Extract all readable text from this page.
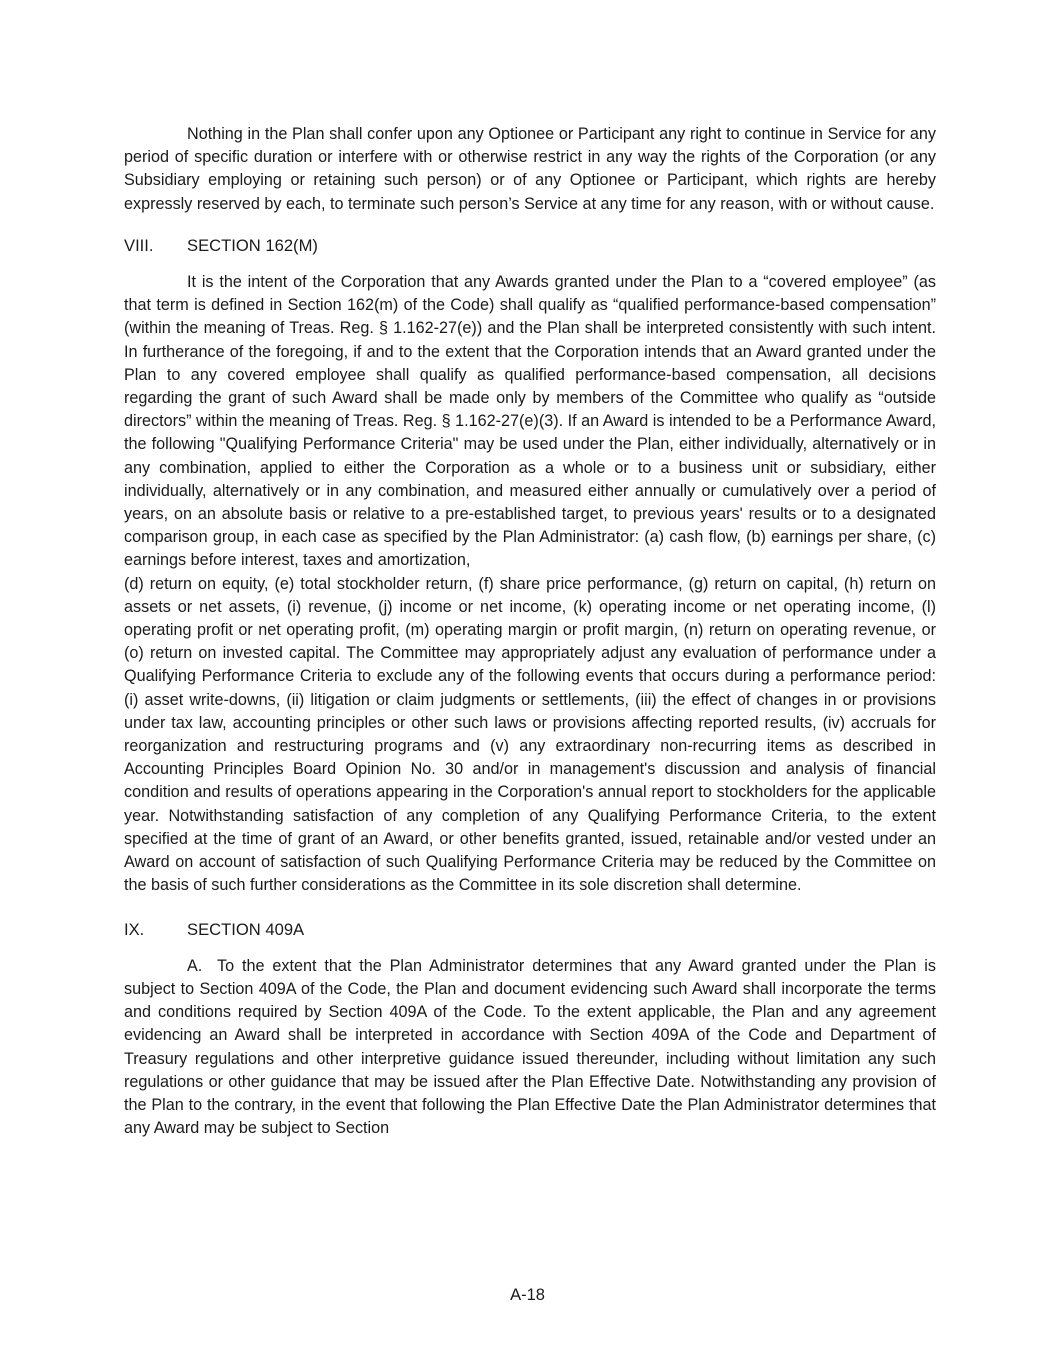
Nothing in the Plan shall confer upon any Optionee or Participant any right to continue in Service for any period of specific duration or interfere with or otherwise restrict in any way the rights of the Corporation (or any Subsidiary employing or retaining such person) or of any Optionee or Participant, which rights are hereby expressly reserved by each, to terminate such person’s Service at any time for any reason, with or without cause.

VIII.	SECTION 162(M)

It is the intent of the Corporation that any Awards granted under the Plan to a “covered employee” (as that term is defined in Section 162(m) of the Code) shall qualify as “qualified performance-based compensation” (within the meaning of Treas. Reg. § 1.162-27(e)) and the Plan shall be interpreted consistently with such intent. In furtherance of the foregoing, if and to the extent that the Corporation intends that an Award granted under the Plan to any covered employee shall qualify as qualified performance-based compensation, all decisions regarding the grant of such Award shall be made only by members of the Committee who qualify as “outside directors” within the meaning of Treas. Reg. § 1.162-27(e)(3). If an Award is intended to be a Performance Award, the following "Qualifying Performance Criteria" may be used under the Plan, either individually, alternatively or in any combination, applied to either the Corporation as a whole or to a business unit or subsidiary, either individually, alternatively or in any combination, and measured either annually or cumulatively over a period of years, on an absolute basis or relative to a pre-established target, to previous years' results or to a designated comparison group, in each case as specified by the Plan Administrator: (a) cash flow, (b) earnings per share, (c) earnings before interest, taxes and amortization,

(d) return on equity, (e) total stockholder return, (f) share price performance, (g) return on capital, (h) return on assets or net assets, (i) revenue, (j) income or net income, (k) operating income or net operating income, (l) operating profit or net operating profit, (m) operating margin or profit margin, (n) return on operating revenue, or (o) return on invested capital. The Committee may appropriately adjust any evaluation of performance under a Qualifying Performance Criteria to exclude any of the following events that occurs during a performance period: (i) asset write-downs, (ii) litigation or claim judgments or settlements, (iii) the effect of changes in or provisions under tax law, accounting principles or other such laws or provisions affecting reported results, (iv) accruals for reorganization and restructuring programs and (v) any extraordinary non-recurring items as described in Accounting Principles Board Opinion No. 30 and/or in management's discussion and analysis of financial condition and results of operations appearing in the Corporation's annual report to stockholders for the applicable year. Notwithstanding satisfaction of any completion of any Qualifying Performance Criteria, to the extent specified at the time of grant of an Award, or other benefits granted, issued, retainable and/or vested under an Award on account of satisfaction of such Qualifying Performance Criteria may be reduced by the Committee on the basis of such further considerations as the Committee in its sole discretion shall determine.

IX.	SECTION 409A

A. To the extent that the Plan Administrator determines that any Award granted under the Plan is subject to Section 409A of the Code, the Plan and document evidencing such Award shall incorporate the terms and conditions required by Section 409A of the Code. To the extent applicable, the Plan and any agreement evidencing an Award shall be interpreted in accordance with Section 409A of the Code and Department of Treasury regulations and other interpretive guidance issued thereunder, including without limitation any such regulations or other guidance that may be issued after the Plan Effective Date. Notwithstanding any provision of the Plan to the contrary, in the event that following the Plan Effective Date the Plan Administrator determines that any Award may be subject to Section

A-18
